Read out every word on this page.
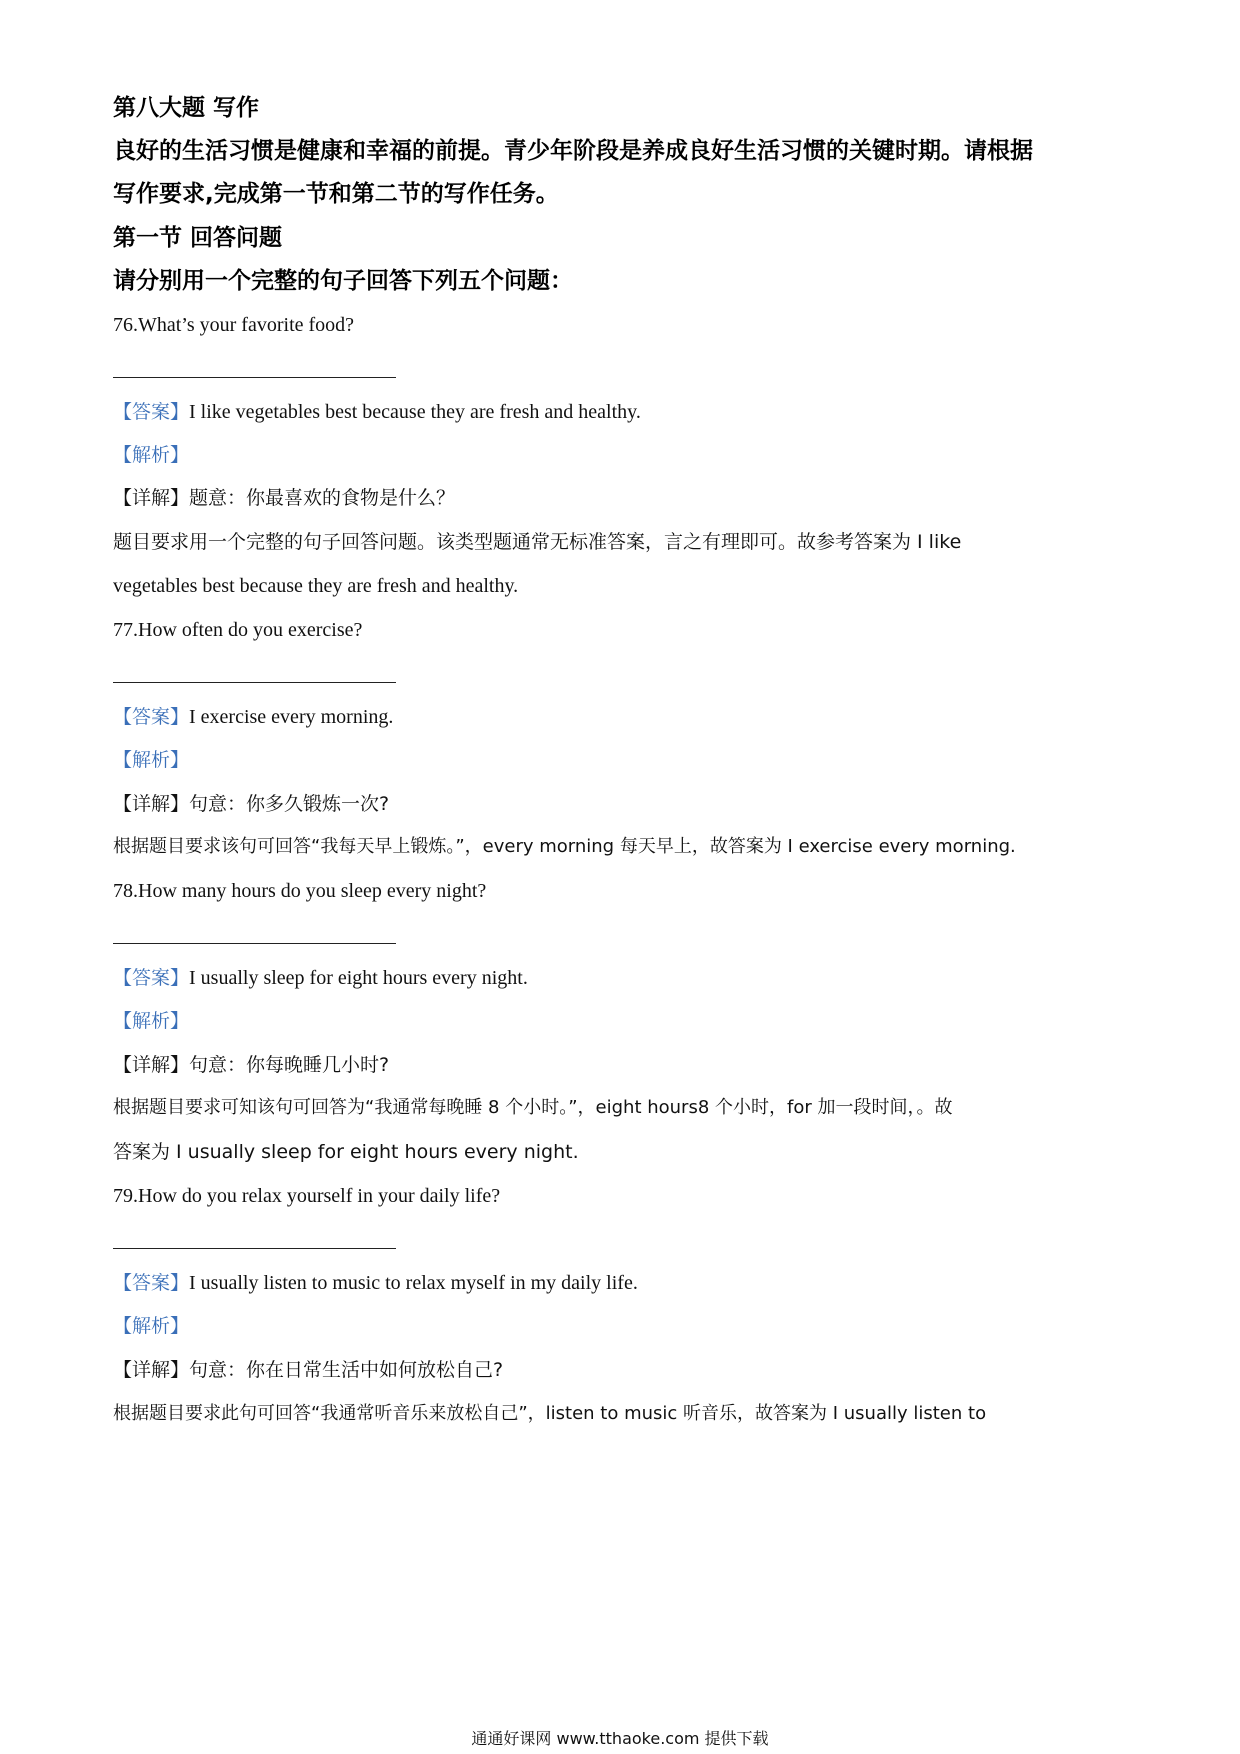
第八大题 写作
良好的生活习惯是健康和幸福的前提。青少年阶段是养成良好生活习惯的关键时期。请根据
写作要求,完成第一节和第二节的写作任务。
第一节 回答问题
请分别用一个完整的句子回答下列五个问题：
76.What’s your favorite food?
【答案】I like vegetables best because they are fresh and healthy.
【解析】
【详解】题意：你最喜欢的食物是什么？
题目要求用一个完整的句子回答问题。该类型题通常无标准答案，言之有理即可。故参考答案为 I like
vegetables best because they are fresh and healthy.
77.How often do you exercise?
【答案】I exercise every morning.
【解析】
【详解】句意：你多久锻炼一次?
根据题目要求该句可回答“我每天早上锻炼。”，every morning 每天早上，故答案为 I exercise every morning.
78.How many hours do you sleep every night?
【答案】I usually sleep for eight hours every night.
【解析】
【详解】句意：你每晚睡几小时?
根据题目要求可知该句可回答为“我通常每晚睡 8 个小时。”，eight hours8 个小时，for 加一段时间，。故
答案为 I usually sleep for eight hours every night.
79.How do you relax yourself in your daily life?
【答案】I usually listen to music to relax myself in my daily life.
【解析】
【详解】句意：你在日常生活中如何放松自己?
根据题目要求此句可回答“我通常听音乐来放松自己”，listen to music 听音乐，故答案为 I usually listen to
通通好课网 www.tthaoke.com 提供下载
